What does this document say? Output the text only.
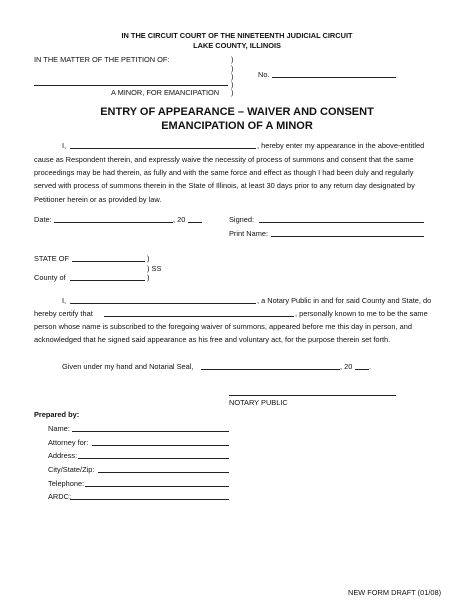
IN THE CIRCUIT COURT OF THE NINETEENTH JUDICIAL CIRCUIT
LAKE COUNTY, ILLINOIS
IN THE MATTER OF THE PETITION OF:	)
)
)
)
)
No.
A MINOR, FOR EMANCIPATION
ENTRY OF APPEARANCE – WAIVER AND CONSENT
EMANCIPATION OF A MINOR
I,	, hereby enter my appearance in the above-entitled
cause as Respondent therein, and expressly waive the necessity of process of summons and consent that the same
proceedings may be had therein, as fully and with the same force and effect as though I had been duly and regularly
served with process of summons therein in the State of Illinois, at least 30 days prior to any return day designated by
Petitioner herein or as provided by law.
Date:	, 20	Signed:
Print Name:
STATE OF	)
) SS
County of	)
I,	, a Notary Public in and for said County and State, do
hereby certify that	, personally known to me to be the same
person whose name is subscribed to the foregoing waiver of summons, appeared before me this day in person, and
acknowledged that he signed said appearance as his free and voluntary act, for the purpose therein set forth.
Given under my hand and Notarial Seal,	, 20 .
NOTARY PUBLIC
Prepared by:
Name:
Attorney for:
Address:
City/State/Zip:
Telephone:
ARDC:
NEW FORM DRAFT (01/08)
